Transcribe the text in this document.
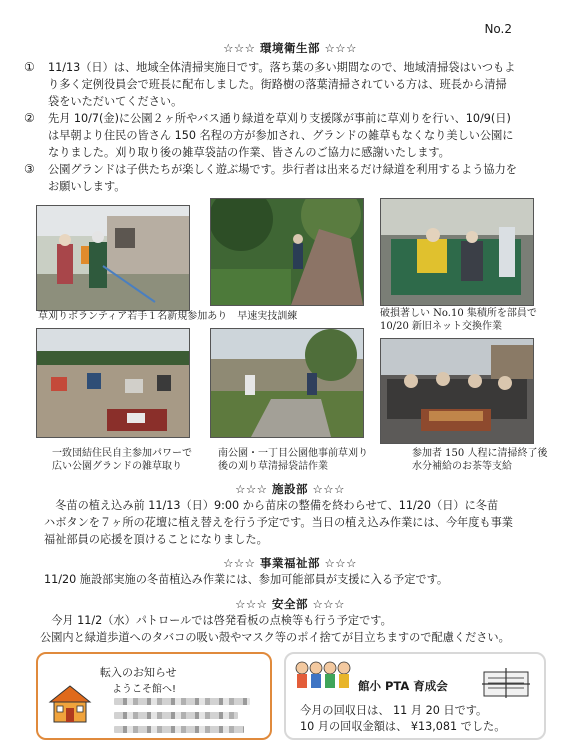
No.2
☆☆☆ 環境衛生部 ☆☆☆
① 11/13（日）は、地域全体清掃実施日です。落ち葉の多い期間なので、地域清掃袋はいつもよ
り多く定例役員会で班長に配布しました。街路樹の落葉清掃されている方は、班長から清掃
袋をいただいてください。
② 先月 10/7(金)に公園２ヶ所やバス通り緑道を草刈り支援隊が事前に草刈りを行い、10/9(日)
は早朝より住民の皆さん 150 名程の方が参加され、グランドの雑草もなくなり美しい公園に
なりました。刈り取り後の雑草袋詰の作業、皆さんのご協力に感謝いたします。
③ 公園グランドは子供たちが楽しく遊ぶ場です。歩行者は出来るだけ緑道を利用するよう協力を
お願いします。
草刈りボランティア若手１名新規参加あり　早速実技訓練	破損著しい No.10 集積所を部員で
10/20 新旧ネット交換作業
一致団結住民自主参加パワーで
広い公園グランドの雑草取り
南公園・一丁目公園他事前草刈り
後の刈り草清掃袋詰作業
参加者 150 人程に清掃終了後
水分補給のお茶等支給
☆☆☆ 施設部 ☆☆☆
　冬苗の植え込み前 11/13（日）9:00 から苗床の整備を終わらせて、11/20（日）に冬苗
ハボタンを７ヶ所の花壇に植え替えを行う予定です。当日の植え込み作業には、今年度も事業
福祉部員の応援を頂けることになりました。
☆☆☆ 事業福祉部 ☆☆☆
11/20 施設部実施の冬苗植込み作業には、参加可能部員が支援に入る予定です。
☆☆☆ 安全部 ☆☆☆
　今月 11/2（水）パトロールでは啓発看板の点検等も行う予定です。
公園内と緑道歩道へのタバコの吸い殻やマスク等のポイ捨てが目立ちますので配慮ください。
転入のお知らせ
ようこそ館へ!	館小 PTA 育成会
今月の回収日は、 11 月 20 日です。
10 月の回収金額は、 ¥13,081 でした。
